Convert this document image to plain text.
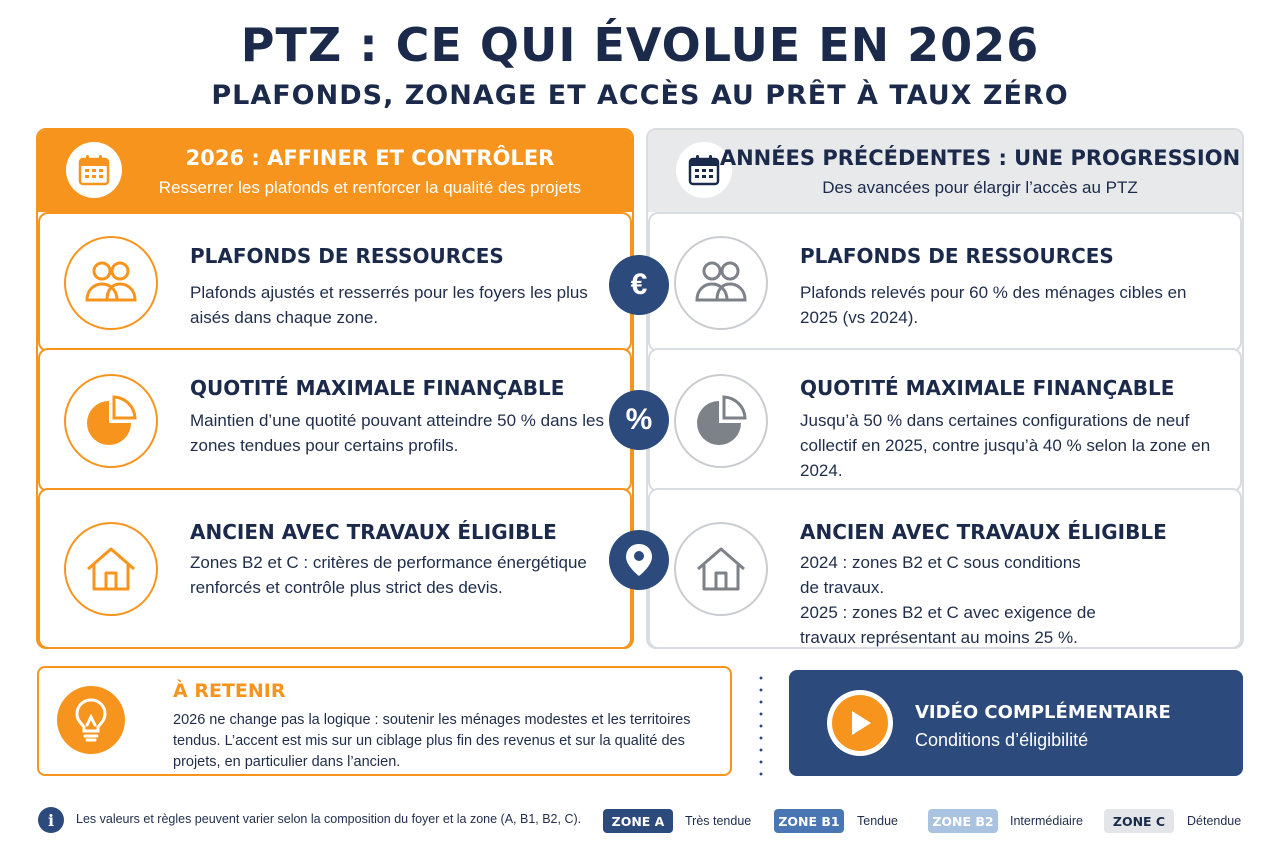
PTZ : CE QUI ÉVOLUE EN 2026
PLAFONDS, ZONAGE ET ACCÈS AU PRÊT À TAUX ZÉRO
2026 : AFFINER ET CONTRÔLER
Resserrer les plafonds et renforcer la qualité des projets
PLAFONDS DE RESSOURCES
Plafonds ajustés et resserrés pour les foyers les plus aisés dans chaque zone.
QUOTITÉ MAXIMALE FINANÇABLE
Maintien d’une quotité pouvant atteindre 50 % dans les zones tendues pour certains profils.
ANCIEN AVEC TRAVAUX ÉLIGIBLE
Zones B2 et C : critères de performance énergétique renforcés et contrôle plus strict des devis.
ANNÉES PRÉCÉDENTES : UNE PROGRESSION
Des avancées pour élargir l’accès au PTZ
PLAFONDS DE RESSOURCES
Plafonds relevés pour 60 % des ménages cibles en 2025 (vs 2024).
QUOTITÉ MAXIMALE FINANÇABLE
Jusqu’à 50 % dans certaines configurations de neuf collectif en 2025, contre jusqu’à 40 % selon la zone en 2024.
ANCIEN AVEC TRAVAUX ÉLIGIBLE
2024 : zones B2 et C sous conditions de travaux.
2025 : zones B2 et C avec exigence de travaux représentant au moins 25 %.
€
%
À RETENIR
2026 ne change pas la logique : soutenir les ménages modestes et les territoires tendus. L’accent est mis sur un ciblage plus fin des revenus et sur la qualité des projets, en particulier dans l’ancien.
VIDÉO COMPLÉMENTAIRE
Conditions d’éligibilité
i	Les valeurs et règles peuvent varier selon la composition du foyer et la zone (A, B1, B2, C).	ZONE A	Très tendue	ZONE B1	Tendue	ZONE B2	Intermédiaire	ZONE C	Détendue
